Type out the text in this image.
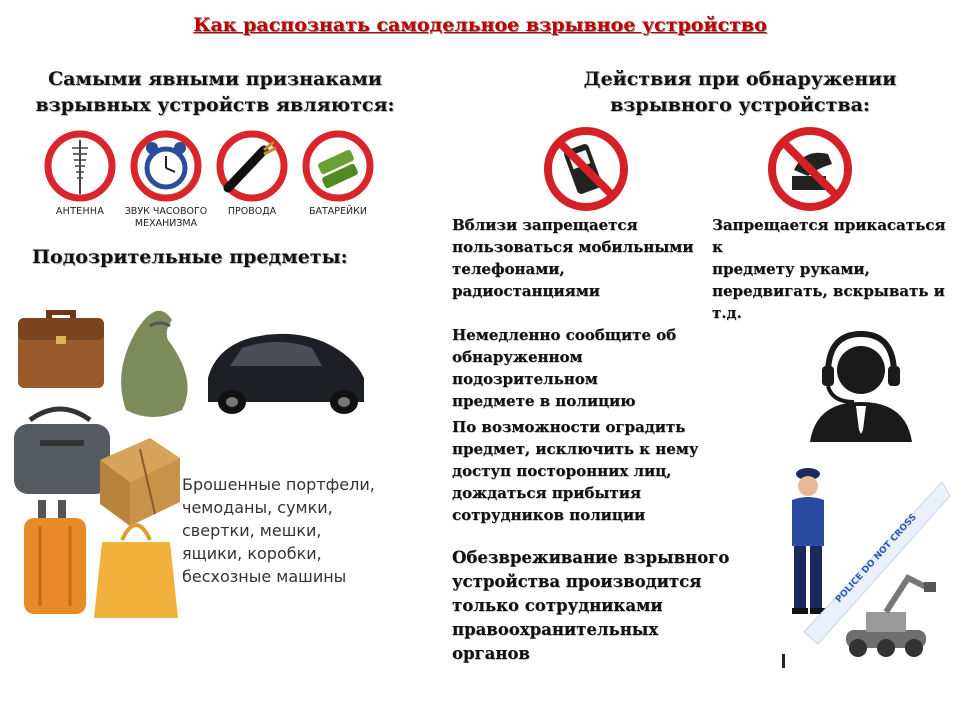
Как распознать самодельное взрывное устройство
Самыми явными признаками
взрывных устройств являются:
Действия при обнаружении
взрывного устройства:
АНТЕННА ЗВУК ЧАСОВОГО
МЕХАНИЗМА
ПРОВОДА	БАТАРЕЙКИ
Подозрительные предметы:
Брошенные портфели,
чемоданы, сумки,
свертки, мешки,
ящики, коробки,
бесхозные машины
Вблизи запрещается
пользоваться мобильными
телефонами,
радиостанциями
Запрещается прикасаться к
предмету руками,
передвигать, вскрывать и
т.д.
Немедленно сообщите об
обнаруженном подозрительном
предмете в полицию
По возможности оградить
предмет, исключить к нему
доступ посторонних лиц,
дождаться прибытия
сотрудников полиции
Обезвреживание взрывного
устройства производится
только сотрудниками
правоохранительных
органов
POLICE DO NOT CROSS
